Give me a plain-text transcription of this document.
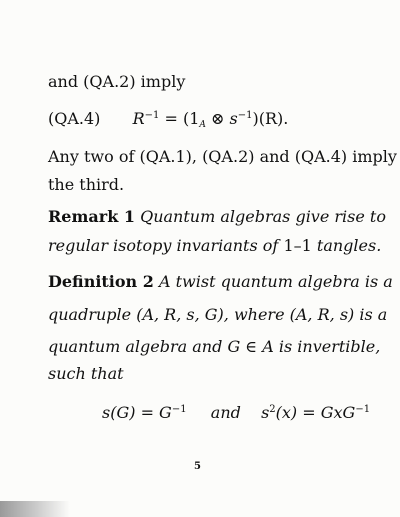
and (QA.2) imply
(QA.4) $R^{-1} = (1_A$ ⊗ $s^{-1})(R)$.
Any two of (QA.1), (QA.2) and (QA.4) imply
the third.
Remark 1 Quantum algebras give rise to
regular isotopy invariants of 1–1 tangles.
Definition 2 A twist quantum algebra is a
quadruple (A, R, s, G), where (A, R, s) is a
quantum algebra and G ∈ A is invertible,
such that
$s(G) = G^{-1}$ and $s^2(x) = GxG^{-1}$
5
